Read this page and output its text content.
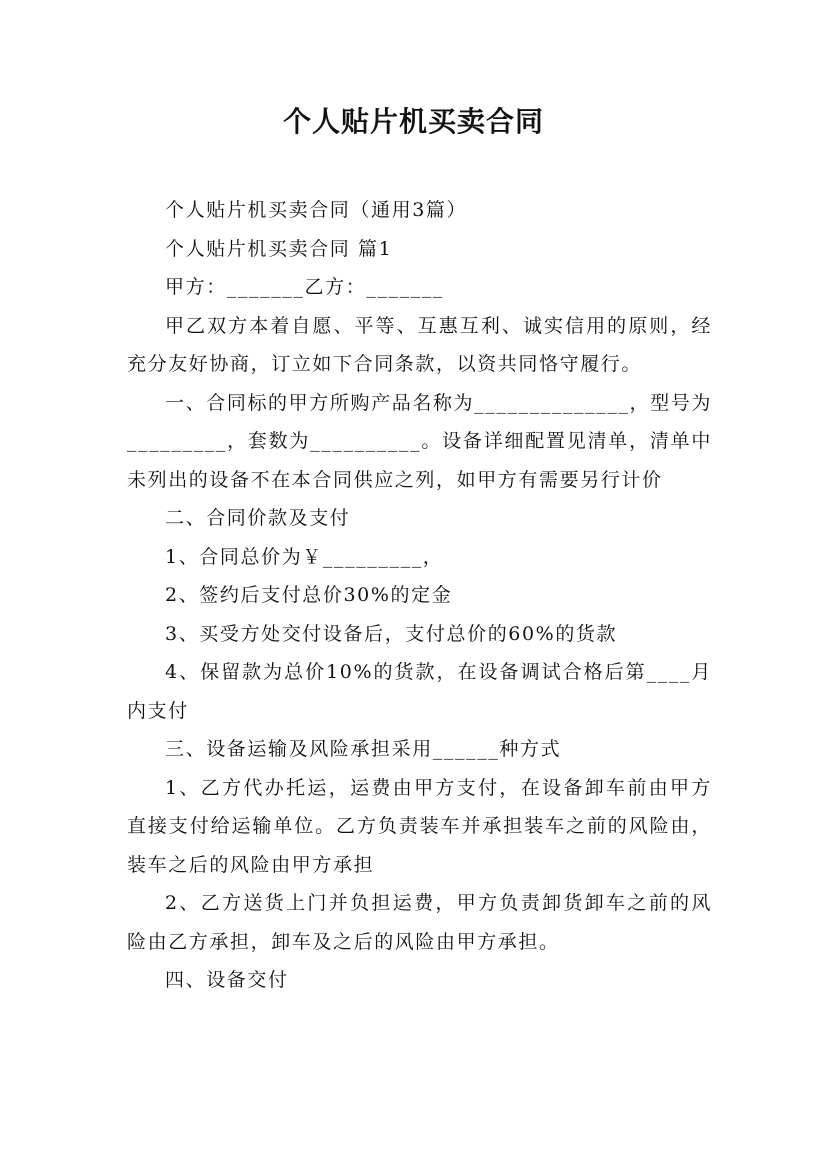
个人贴片机买卖合同

个人贴片机买卖合同（通用3篇）

个人贴片机买卖合同 篇1

甲方：_______乙方：_______

甲乙双方本着自愿、平等、互惠互利、诚实信用的原则，经充分友好协商，订立如下合同条款，以资共同恪守履行。

一、合同标的甲方所购产品名称为______________，型号为_________，套数为__________。设备详细配置见清单，清单中未列出的设备不在本合同供应之列，如甲方有需要另行计价

二、合同价款及支付

1、合同总价为￥_________，

2、签约后支付总价30%的定金

3、买受方处交付设备后，支付总价的60%的货款

4、保留款为总价10%的货款，在设备调试合格后第____月内支付

三、设备运输及风险承担采用______种方式

1、乙方代办托运，运费由甲方支付，在设备卸车前由甲方直接支付给运输单位。乙方负责装车并承担装车之前的风险由，装车之后的风险由甲方承担

2、乙方送货上门并负担运费，甲方负责卸货卸车之前的风险由乙方承担，卸车及之后的风险由甲方承担。

四、设备交付
